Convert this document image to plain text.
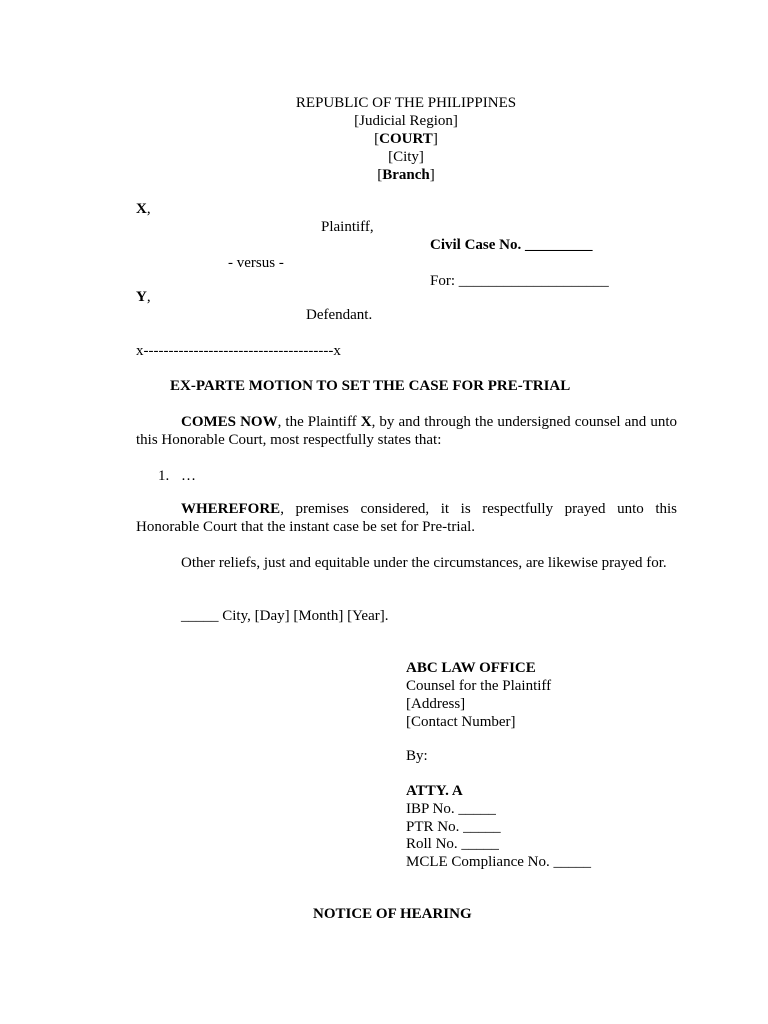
REPUBLIC OF THE PHILIPPINES
[Judicial Region]
[COURT]
[City]
[Branch]
X,
Plaintiff,
Civil Case No. _________
- versus -
For: ____________________
Y,
Defendant.
x--------------------------------------x
EX-PARTE MOTION TO SET THE CASE FOR PRE-TRIAL
COMES NOW, the Plaintiff X, by and through the undersigned counsel and unto this Honorable Court, most respectfully states that:
1. …
WHEREFORE, premises considered, it is respectfully prayed unto this Honorable Court that the instant case be set for Pre-trial.
Other reliefs, just and equitable under the circumstances, are likewise prayed for.
_____ City, [Day] [Month] [Year].
ABC LAW OFFICE
Counsel for the Plaintiff
[Address]
[Contact Number]
By:
ATTY. A
IBP No. _____
PTR No. _____
Roll No. _____
MCLE Compliance No. _____
NOTICE OF HEARING
